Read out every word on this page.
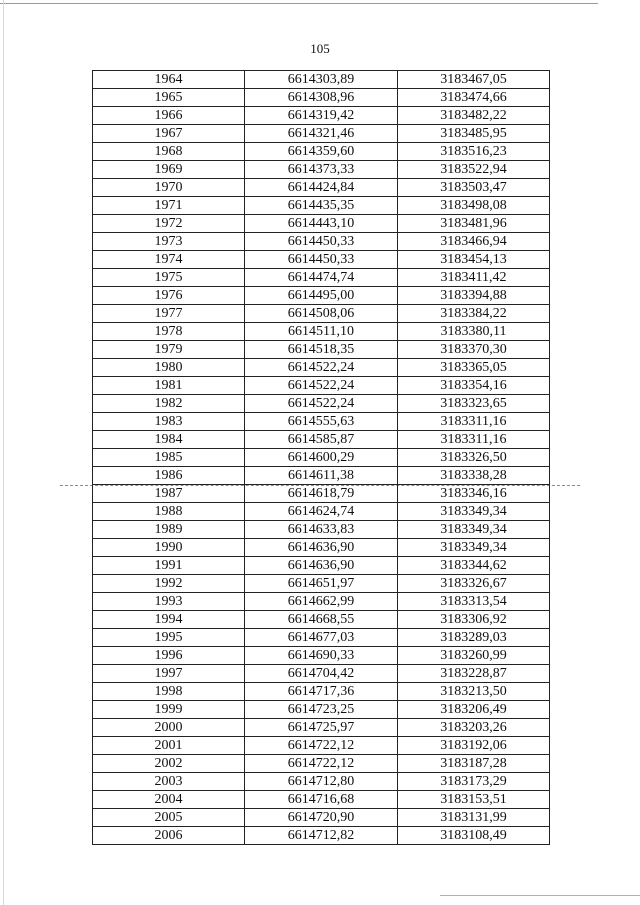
105
1964	6614303,89	3183467,05
1965	6614308,96	3183474,66
1966	6614319,42	3183482,22
1967	6614321,46	3183485,95
1968	6614359,60	3183516,23
1969	6614373,33	3183522,94
1970	6614424,84	3183503,47
1971	6614435,35	3183498,08
1972	6614443,10	3183481,96
1973	6614450,33	3183466,94
1974	6614450,33	3183454,13
1975	6614474,74	3183411,42
1976	6614495,00	3183394,88
1977	6614508,06	3183384,22
1978	6614511,10	3183380,11
1979	6614518,35	3183370,30
1980	6614522,24	3183365,05
1981	6614522,24	3183354,16
1982	6614522,24	3183323,65
1983	6614555,63	3183311,16
1984	6614585,87	3183311,16
1985	6614600,29	3183326,50
1986	6614611,38	3183338,28
1987	6614618,79	3183346,16
1988	6614624,74	3183349,34
1989	6614633,83	3183349,34
1990	6614636,90	3183349,34
1991	6614636,90	3183344,62
1992	6614651,97	3183326,67
1993	6614662,99	3183313,54
1994	6614668,55	3183306,92
1995	6614677,03	3183289,03
1996	6614690,33	3183260,99
1997	6614704,42	3183228,87
1998	6614717,36	3183213,50
1999	6614723,25	3183206,49
2000	6614725,97	3183203,26
2001	6614722,12	3183192,06
2002	6614722,12	3183187,28
2003	6614712,80	3183173,29
2004	6614716,68	3183153,51
2005	6614720,90	3183131,99
2006	6614712,82	3183108,49
